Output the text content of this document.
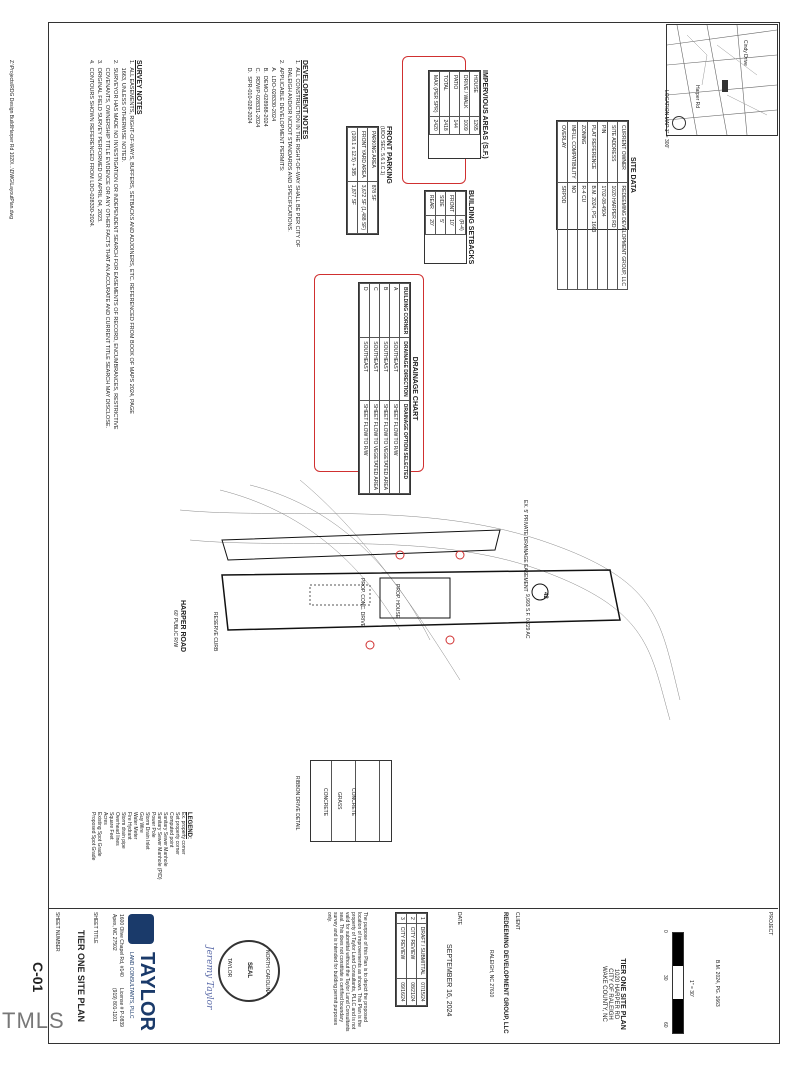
Z:\Projects\RDG Design Build\Harper Rd 1020\...\DWG\LayoutPlan.dwg	LOCATION MAP 1" = 300'
Cindy Drive
Harper Rd
SITE DATA
CURRENT OWNER	REDEEMING DEVELOPMENT GROUP, LLC
SITE ADDRESS	1020 HARPER RD
PIN	1702-08-4504
PLAT REFERENCE	B.M. 2024, PG. 1663
ZONING	R-4 CU
INFILL COMPATIBILITY	NO
OVERLAY	SRPOD
IMPERVIOUS AREAS (S.F.)
HOUSE	1265
DRIVE / WALK	1009
PATIO	144
TOTAL	2418
MAX (PER SPR)	2420
BUILDING SETBACKS
	(R-4)
FRONT	10'
SIDE	5'
REAR	20'
FRONT PARKING
(UDO SEC. 5.6.1.C.1)
PARKING AREA	878 SF
FRONT YARD AREA	3,672 SF (1,488 SF)
(108.1 x 12.5) + 385	1,877 SF
DEVELOPMENT NOTES
1.  ALL CONSTRUCTION IN THE RIGHT-OF-WAY SHALL BE PER CITY OF
RALEIGH AND/OR NCDOT STANDARDS AND SPECIFICATIONS.
2.  APPLICABLE DEVELOPMENT PERMITS:
A.  LDO-028330-2024
B.  DEMO-028988-2024
C.  RDWP-028331-2024
D.  SPR-010-028-2024
DRAINAGE CHART
BUILDING CORNER	DRAINAGE DIRECTION	DRAINAGE OPTION SELECTED
A	SOUTHEAST	SHEET FLOW TO R/W
B	SOUTHEAST	SHEET FLOW TO VEGETATED AREA
C	SOUTHEAST	SHEET FLOW TO VEGETATED AREA
D	SOUTHEAST	SHEET FLOW TO R/W
SURVEY NOTES
1.  ALL EASEMENTS, RIGHT-OF-WAYS, BUFFERS, SETBACKS AND ADJOINERS, ETC. REFERENCED FROM BOOK OF MAPS 2024, PAGE
1663, UNLESS OTHERWISE NOTED.
2.  SURVEYOR HAS MADE NO INVESTIGATION OR INDEPENDENT SEARCH FOR EASEMENTS OF RECORD, ENCUMBRANCES, RESTRICTIVE
COVENANTS, OWNERSHIP TITLE EVIDENCE OR ANY OTHER FACTS THAT AN ACCURATE AND CURRENT TITLE SEARCH MAY DISCLOSE.
3.  ORIGINAL FIELD SURVEY PERFORMED ON APRIL 04, 2023.
4.  CONTOURS SHOWN REFERENCED FROM LDO-028330-2024.
HARPER ROAD
60' PUBLIC R/W
42
9,993 S.F. 0.229 AC
PROP. HOUSE
PROP. CONC. DRIVE
RESERVE CURB
EX. 5' PRIVATE DRAINAGE EASEMENT
CONCRETE
GRASS
CONCRETE
RIBBON DRIVE DETAIL
LEGEND:
Ex. property corner
Set property corner
Computed point
Sanitary Sewer Manhole
Sanitary Sewer Manhole (P/D)
Power Pole
Storm Drain Inlet
Guy Wire
Water Meter
Fire Hydrant
Storm drain pipe
Overhead lines
Square Feet
Acres
Existing Spot Grade
Proposed Spot Grade
PROJECT
TIER ONE SITE PLAN
1020 HARPER RD
CITY OF RALEIGH
WAKE COUNTY, NC	B.M. 2024, PG. 1663
1" = 30'
0
30
60
CLIENT
REDEEMING DEVELOPMENT GROUP, LLC
RALEIGH, NC 27610
DATE
SEPTEMBER 16, 2024
1	DRAFT / SUBMITTAL	07/15/24
2	CITY REVIEW	08/21/24
3	CITY REVIEW	09/16/24
The purpose of this Plan is to depict the proposed location of improvements as shown. This Plan is the property of Taylor Land Consultants, PLLC and is not valid for submittal without the Taylor Land Consultants seal. This does not constitute a certified boundary survey and is intended for building permit purposes only.
NORTH CAROLINA
SEAL
TAYLOR
Jeremy Taylor
TAYLOR
LAND CONSULTANTS, PLLC
1600 Olive Chapel Rd, #140
Apex, NC 27502
License # P-0839
(919) 801-1101
SHEET TITLE
TIER ONE SITE PLAN
SHEET NUMBER
C-01
TMLS
